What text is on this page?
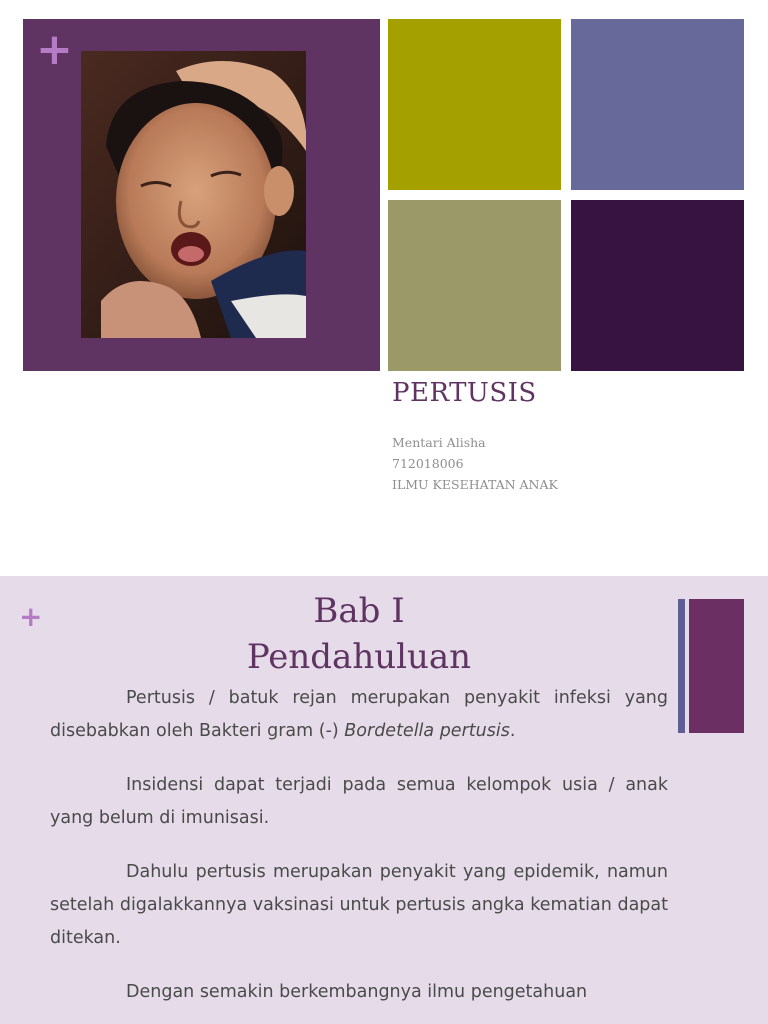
+
PERTUSIS
Mentari Alisha
712018006
ILMU KESEHATAN ANAK
+	Bab I
Pendahuluan

Pertusis / batuk rejan merupakan penyakit infeksi yang disebabkan oleh Bakteri gram (-) Bordetella pertusis.

Insidensi dapat terjadi pada semua kelompok usia / anak yang belum di imunisasi.

Dahulu pertusis merupakan penyakit yang epidemik, namun setelah digalakkannya vaksinasi untuk pertusis angka kematian dapat ditekan.

Dengan semakin berkembangnya ilmu pengetahuan
